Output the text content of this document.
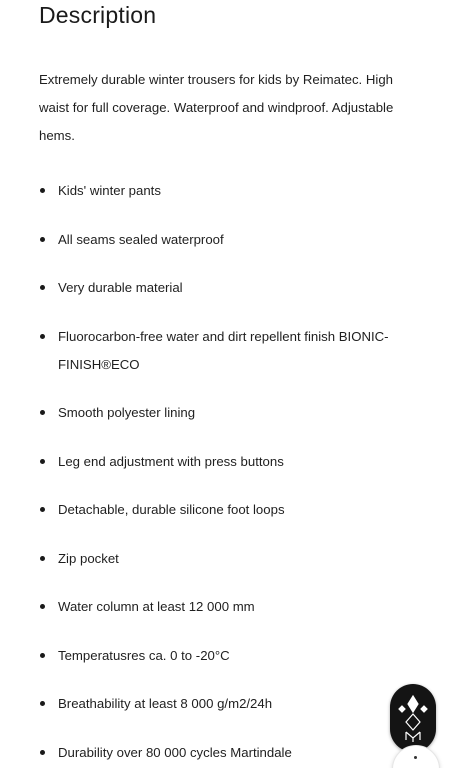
Description

Extremely durable winter trousers for kids by Reimatec. High waist for full coverage. Waterproof and windproof. Adjustable hems.

Kids' winter pants
All seams sealed waterproof
Very durable material
Fluorocarbon-free water and dirt repellent finish BIONIC-FINISH®ECO
Smooth polyester lining
Leg end adjustment with press buttons
Detachable, durable silicone foot loops
Zip pocket
Water column at least 12 000 mm
Temperatusres ca. 0 to -20°C
Breathability at least 8 000 g/m2/24h
Durability over 80 000 cycles Martindale
